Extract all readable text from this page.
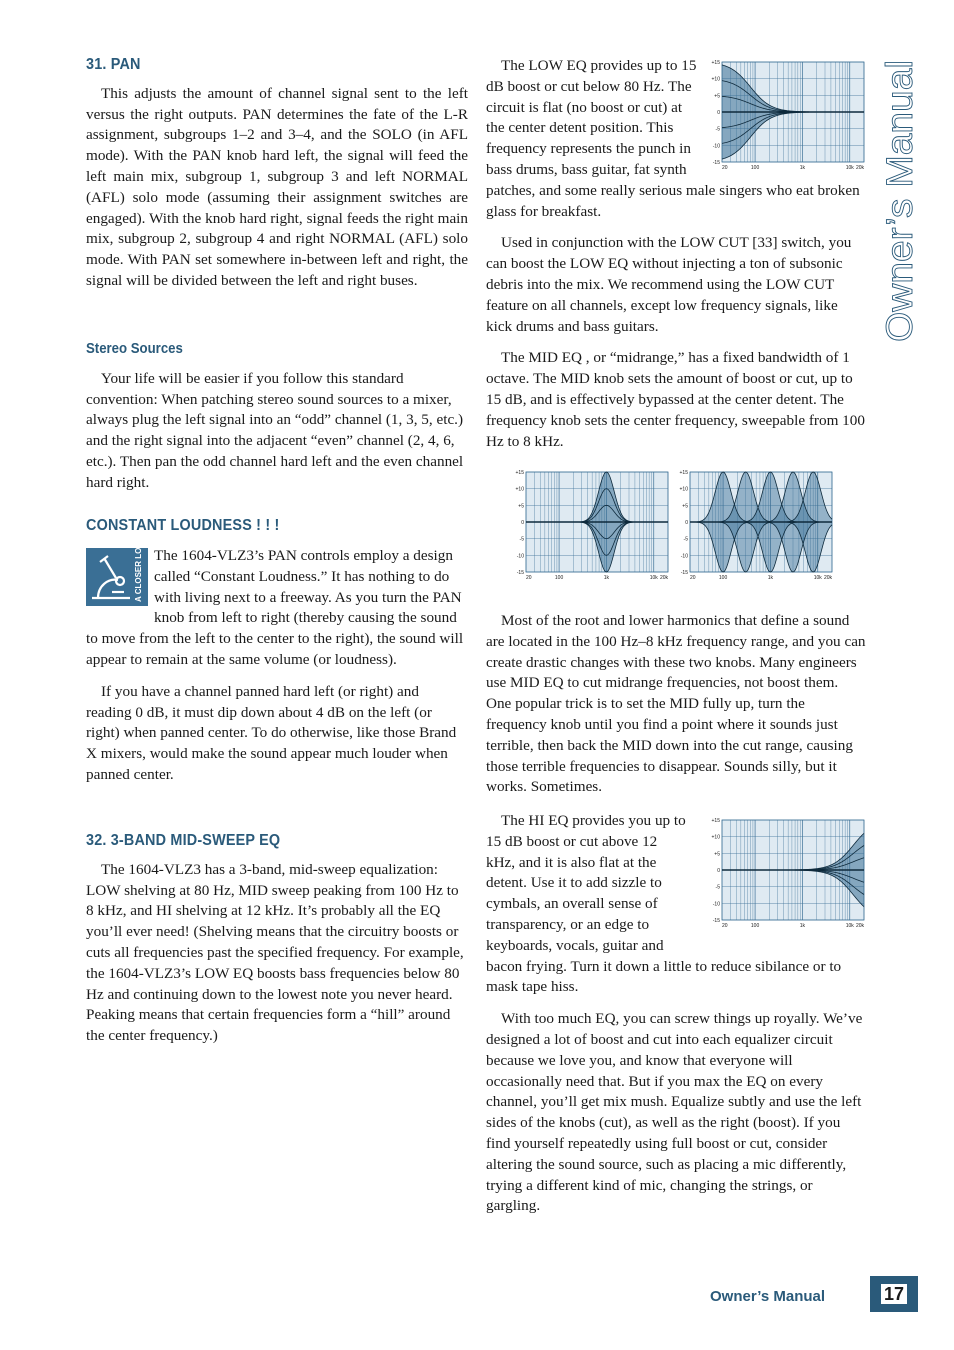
Owner’s Manual
31. PAN

This adjusts the amount of channel signal sent to the left versus the right outputs. PAN determines the fate of the L-R assignment, subgroups 1–2 and 3–4, and the SOLO (in AFL mode). With the PAN knob hard left, the signal will feed the left main mix, subgroup 1, subgroup 3 and left NORMAL (AFL) solo mode (assuming their assignment switches are engaged). With the knob hard right, signal feeds the right main mix, subgroup 2, subgroup 4 and right NORMAL (AFL) solo mode. With PAN set somewhere in-between left and right, the signal will be divided between the left and right buses.

Stereo Sources

Your life will be easier if you follow this standard convention: When patching stereo sound sources to a mixer, always plug the left signal into an “odd” channel (1, 3, 5, etc.) and the right signal into the adjacent “even” channel (2, 4, 6, etc.). Then pan the odd channel hard left and the even channel hard right.

CONSTANT LOUDNESS ! ! !
A CLOSER LOOK The 1604-VLZ3’s PAN controls employ a design called “Constant Loudness.” It has nothing to do with living next to a freeway. As you turn the PAN knob from left to right (thereby causing the sound to move from the left to the center to the right), the sound will appear to remain at the same volume (or loudness).

If you have a channel panned hard left (or right) and reading 0 dB, it must dip down about 4 dB on the left (or right) when panned center. To do otherwise, like those Brand X mixers, would make the sound appear much louder when panned center.

32. 3-BAND MID-SWEEP EQ

The 1604-VLZ3 has a 3-band, mid-sweep equalization: LOW shelving at 80 Hz, MID sweep peaking from 100 Hz to 8 kHz, and HI shelving at 12 kHz. It’s probably all the EQ you’ll ever need! (Shelving means that the circuitry boosts or cuts all frequencies past the specified frequency. For example, the 1604-VLZ3’s LOW EQ boosts bass frequencies below 80 Hz and continuing down to the lowest note you never heard. Peaking means that certain frequencies form a “hill” around the center frequency.)

The LOW EQ provides up to 15 dB boost or cut below 80 Hz. The circuit is flat (no boost or cut) at the center detent position. This frequency represents the punch in bass drums, bass guitar, fat synth patches, and some really serious male singers who eat broken glass for breakfast.

Used in conjunction with the LOW CUT [33] switch, you can boost the LOW EQ without injecting a ton of subsonic debris into the mix. We recommend using the LOW CUT feature on all channels, except low frequency signals, like kick drums and bass guitars.

The MID EQ , or “midrange,” has a fixed bandwidth of 1 octave. The MID knob sets the amount of boost or cut, up to 15 dB, and is effectively bypassed at the center detent. The frequency knob sets the center frequency, sweepable from 100 Hz to 8 kHz.

Most of the root and lower harmonics that define a sound are located in the 100 Hz–8 kHz frequency range, and you can create drastic changes with these two knobs. Many engineers use MID EQ to cut midrange frequencies, not boost them. One popular trick is to set the MID fully up, turn the frequency knob until you find a point where it sounds just terrible, then back the MID down into the cut range, causing those terrible frequencies to disappear. Sounds silly, but it works. Sometimes.

The HI EQ provides you up to 15 dB boost or cut above 12 kHz, and it is also flat at the detent. Use it to add sizzle to cymbals, an overall sense of transparency, or an edge to keyboards, vocals, guitar and bacon frying. Turn it down a little to reduce sibilance or to mask tape hiss.

With too much EQ, you can screw things up royally. We’ve designed a lot of boost and cut into each equalizer circuit because we love you, and know that everyone will occasionally need that. But if you max the EQ on every channel, you’ll get mix mush. Equalize subtly and use the left sides of the knobs (cut), as well as the right (boost). If you find yourself repeatedly using full boost or cut, consider altering the sound source, such as placing a mic differently, trying a different kind of mic, changing the strings, or gargling.

+15
+10
+5
0
-5
-10
-15
20	100	1k	10k 20k
+15
+10
+5
0
-5
-10
-15
20	100	1k	10k 20k
+15
+10
+5
0
-5
-10
-15
20	100	1k	10k 20k
+15
+10
+5
0
-5
-10
-15
20	100	1k	10k 20k
Owner’s Manual	17
